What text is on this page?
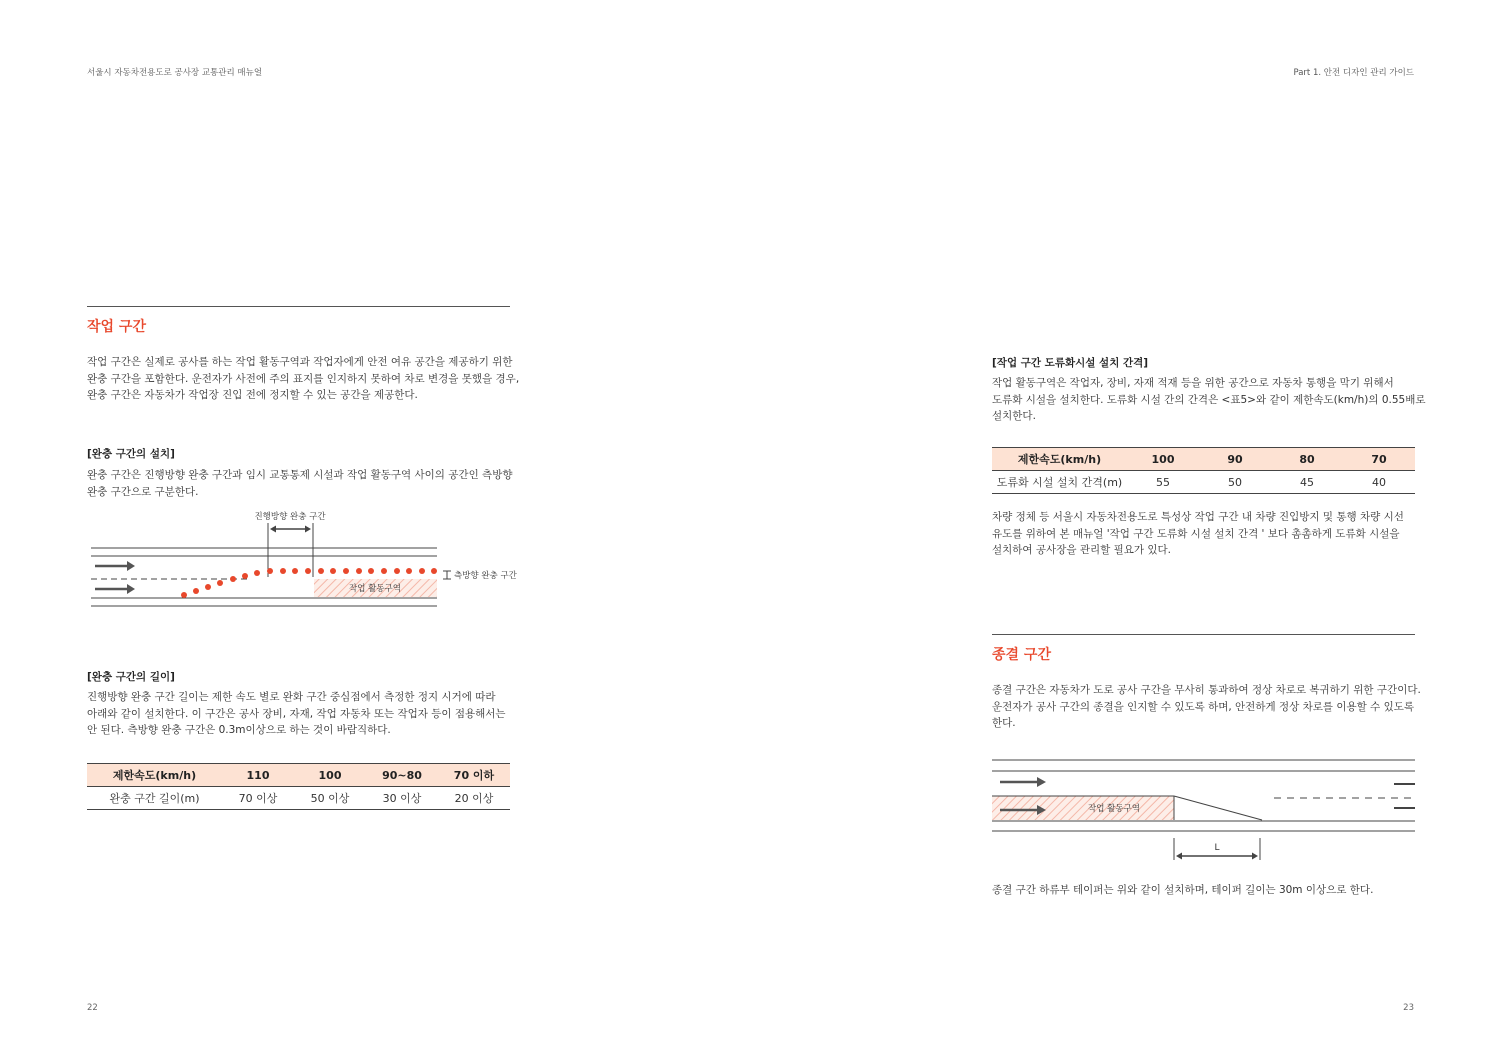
서울시 자동차전용도로 공사장 교통관리 매뉴얼	Part 1. 안전 디자인 관리 가이드
작업 구간
작업 구간은 실제로 공사를 하는 작업 활동구역과 작업자에게 안전 여유 공간을 제공하기 위한
완충 구간을 포함한다. 운전자가 사전에 주의 표지를 인지하지 못하여 차로 변경을 못했을 경우,
완충 구간은 자동차가 작업장 진입 전에 정지할 수 있는 공간을 제공한다.
[완충 구간의 설치]
완충 구간은 진행방향 완충 구간과 임시 교통통제 시설과 작업 활동구역 사이의 공간인 측방향
완충 구간으로 구분한다.
진행방향 완충 구간
작업 활동구역
측방향 완충 구간
[완충 구간의 길이]
진행방향 완충 구간 길이는 제한 속도 별로 완화 구간 중심점에서 측정한 정지 시거에 따라
아래와 같이 설치한다. 이 구간은 공사 장비, 자재, 작업 자동차 또는 작업자 등이 점용해서는
안 된다. 측방향 완충 구간은 0.3m이상으로 하는 것이 바람직하다.
제한속도(km/h)	110	100	90~80	70 이하
완충 구간 길이(m)	70 이상	50 이상	30 이상	20 이상
22
[작업 구간 도류화시설 설치 간격]
작업 활동구역은 작업자, 장비, 자재 적재 등을 위한 공간으로 자동차 통행을 막기 위해서
도류화 시설을 설치한다. 도류화 시설 간의 간격은 <표5>와 같이 제한속도(km/h)의 0.55배로
설치한다.
제한속도(km/h)	100	90	80	70
도류화 시설 설치 간격(m)	55	50	45	40
차량 정체 등 서울시 자동차전용도로 특성상 작업 구간 내 차량 진입방지 및 통행 차량 시선
유도를 위하여 본 매뉴얼 '작업 구간 도류화 시설 설치 간격 ' 보다 촘촘하게 도류화 시설을
설치하여 공사장을 관리할 필요가 있다.
종결 구간
종결 구간은 자동차가 도로 공사 구간을 무사히 통과하여 정상 차로로 복귀하기 위한 구간이다.
운전자가 공사 구간의 종결을 인지할 수 있도록 하며, 안전하게 정상 차로를 이용할 수 있도록
한다.
작업 활동구역
L
종결 구간 하류부 테이퍼는 위와 같이 설치하며, 테이퍼 길이는 30m 이상으로 한다.
23
